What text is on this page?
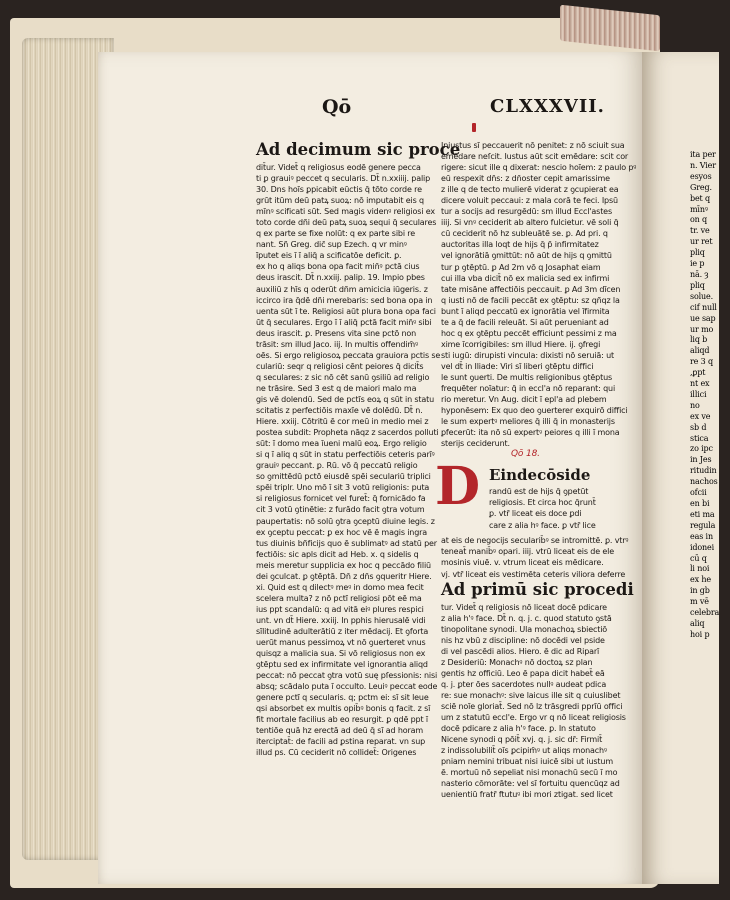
Qō	CLXXXVII.
Ad decimum sic proce
dit̄ur. Videt̄ q religiosus eodē genere pecca
ti ꝑ grauiꝰ peccet q secularis. Dt̄ n.xxiiij. palip
30. Dns hoīs ꝑpicabit eūctis q̄ tōto corde re
grūt itūm deū patꝝ suoꝝ: nō imputabit eis q
mīnꝰ scificati sūt. Sed magis videnꝰ religiosi ex
toto corde dñi deū patꝝ suoꝝ sequi q̄ seculares
q ex parte se fixe nolūt: q ex parte sibi re
nant. Sñ Greg. dic̄ sup Ezech. q vr minꝰ
īputet eis ī ī aliq̄ a scificatōe deficit. ꝑ.
ex ho q aliqs bona opa facit min̄ꝰ pctā cius
deus irascit. Dt̄ n.xxiij. palip. 19. Impio pbes
auxiliū z hīs q oderūt dñm amicicia iūgeris. z
iccirco ira q̄dē dñi merebaris: sed bona opa in
uenta sūt ī te. Religiosi aūt plura bona opa faci
ūt q̄ seculares. Ergo ī ī aliq̄ pctā facit min̄ꝰ sibi
deus irascit. ꝑ. Presens vita sine pctō non
trāsit: sm illud Jaco. iij. In multis offendim̄ꝰ
oēs. Si ergo religiosoꝝ peccata grauiora pctis se
culariū: seqr q religiosi cēnt peiores q̄ dicit̄s
q seculares: z sic nō cēt sanū ꝯsiliū ad religio
ne trāsire. Sed 3 est q de maiori malo ma
gis vē dolendū. Sed de pctīs eoꝝ q sūt in statu
scitatis z perfectiōis maxīe vē dolēdū. Dt̄ n.
Hiere. xxiij. Cōtritū ē cor meū in medio mei z
postea subdit: Propheta nāqz z sacerdos polluti
sūt: ī domo mea īueni malū eoꝝ. Ergo religio
si q ī aliq q sūt in statu perfectiōis ceteris parīꝰ
grauiꝰ peccant. ꝑ. Rū. vō q̄ peccatū religio
so ꝯmittēdū pctō eiusdē spēi seculariū triplici
spēi triplr. Uno mō ī sit 3 votū religionis: puta
si religiosus fornicet vel furet̄: q̄ fornicādo fa
cit 3 votū ꝯtinētie: z furādo facit ꝯtra votum
paupertatis: nō solū ꝯtra ꝯceptū diuine legis. z
ex ꝯceptu peccat: ꝑ ex hoc vē ē magis ingra
tus diuinis bñficijs quo ē sublimatꝰ ad statū per
fectiōis: sic apls dicit ad Heb. x. q sidelis q
meis meretur supplicia ex hoc q peccādo filiū
dei ꝯculcat. ꝑ ꝯtēptā. Dn̄ z dn̄s ꝯqueritr Hiere.
xi. Quid est q dilectꝰ meꝰ in domo mea fecit
scelera multa? z nō pctī religiosi pōt eē ma
ius ppt scandalū: q ad vitā eiꝰ plures respici
unt. vn dt̄ Hiere. xxiij. In pphis hierusalē vidi
sīlitudinē adulterātiū z iter mēdacij. Et ꝯforta
uerūt manus pessimoꝝ vt nō ꝯuerteret vnus
quisqz a malicia sua. Si vō religiosus non ex
ꝯtēptu sed ex infirmitate vel ignorantia aliqd
peccat: nō peccat ꝯtra votū suę pſessionis: nisi
absq; scādalo puta ī occulto. Leuiꝰ peccat eode
genere pctī q secularis. q; pctm ei: sī sit leue
qsi absorbet ex multis opib̄ꝰ bonis q facit. z sī
fit mortale facilius ab eo resurgit. ꝑ qdē ppt ī
tentiōe quā hz erectā ad deū q̄ sī ad horam
iterciptat̄: de facili ad ꝑstina reparat. vn sup
illud ps. Cū ceciderit nō collidet̄: Origenes
Iniustus sī peccauerit nō penitet: z nō sciuit sua
emēdare neſcit. Iustus aūt scit emēdare: scit cor
rigere: sicut ille q dixerat: nescio hoīem: z paulo pꝰ
eū respexit dn̄s: z dn̄oster cepit amarissime
z ille q de tecto mulierē viderat z ꝯcupierat ea
dicere voluit peccaui: z mala corā te feci. Ipsū
tur a socijs ad resurgēdū: sm illud Eccl'astes
iiij. Si vnꝰ ceciderit ab altero fulcietur. vē soli q̄
cū ceciderit nō hz subleuātē se. ꝑ. Ad pri. q
auctoritas illa loqt de hijs q̄ p̄ infirmitatez
vel ignorātiā ꝯmittūt: nō aūt de hijs q ꝯmittū
tur ꝑ ꝯtēptū. ꝑ Ad 2m vō q Josaphat eiam
cui illa vba dicit̄ nō ex malicia sed ex infirmi
tate misāne affectiōis peccauit. ꝑ Ad 3m dīcen
q iusti nō de facili peccāt ex ꝯtēptu: sz qñqz la
bunt ī aliqd peccatū ex ignorātia vel īfirmita
te a q̄ de facili releuāt. Si aūt perueniant ad
hoc q ex ꝯtēptu peccēt efficiunt pessimi z ma
xime īcorrigibiles: sm illud Hiere. ij. ꝯfregi
sti iugū: dirupisti vincula: dixisti nō seruiā: ut
vel dt̄ in Iliade: Viri sī liberi ꝯtēptu diffici
le sunt ꝯuerti. De multis religionibus ꝯtēptus
frequēter noīatur: q̄ in eccl'a nō reparant: qui
rio meretur. Vn Aug. dicit ī epl'a ad plebem
hyponēsem: Ex quo deo ꝯuerterer exquirō diffici
le sum expertꝰ meliores q̄ illi q̄ in monasterijs
ꝑfecerūt: ita nō sū expertꝰ peiores q illi ī mona
sterijs ceciderunt.
Qō 18.
D Eindecōside
randū est de hijs q̄ ꝯpetūt
religiosis. Et circa hoc q̄runt̄
ꝑ. vtr̄ liceat eis doce ꝑdi
care z alia hꝰ face. ꝑ vtr̄ lice
at eis de negocijs secularib̄ꝰ se intromittē. ꝑ. vtrꝰ
teneat̄ manib̄ꝰ opari. iiij. vtrū liceat eis de ele
mosinis viuē. v. vtrum liceat eis mēdicare.
vj. vtr̄ liceat eis vestimēta ceteris viliora deferre
Ad primū sic procedi
tur. Videt̄ q religiosis nō liceat docē pdicare
z alia h'ꝰ face. Dt̄ n. q. j. c. quod statuto ꝯstā
tinopolitane synodi. Ula monachoꝝ sbiectiō
nis hz vbū z discipline: nō docēdi vel pside
di vel pascēdi alios. Hiero. ē dic ad Riparī
z Desideriū: Monachꝰ nō doctoꝝ sz plan
gentis hz officiū. Leo ē papa dicit habet̄ eā
q. j. ꝑter ōes sacerdotes nullꝰ audeat pdica
re: sue monachꝰ: sive laicus ille sit q cuiuslibet
sciē noīe gloriat̄. Sed nō lz trāsgredi pprīū offici
um z statutū eccl'e. Ergo vr q nō liceat religiosis
docē pdicare z alia h'ꝰ face. ꝑ. In statuto
Nicene synodi q pōit̄ xvj. q. j. sic dr̄: Firmit̄
z indissolubilit̄ oīs ꝑcipim̄ꝰ ut aliqs monachꝰ
pniam nemini tribuat nisi iuicē sibi ut iustum
ē. mortuū nō sepeliat nisi monachū secū ī mo
nasterio cōmorāte: vel sī fortuitu quencūqz ad
uenientiū fratr̄ ftutuꝰ ibi mori ztigat. sed licet
ita per
n. Vier
esyos
Greg.
bet q
mīnꝰ
on q
tr. ve
ur ret
pliq
ie p
nā. ȝ
pliq
solue.
cif null
ue sap
ur mo
liq b
aliqd
re 3 q
,ꝑpt
nt ex
illici
no
ex ve
sb d
stica
zo ipc
in Jes
ritudin
nachos
ofcii
en bi
eti ma
regula
eas in
idonei
cū q
li noi
ex he
in gb
m vē
celebra
aliq
hoi p
